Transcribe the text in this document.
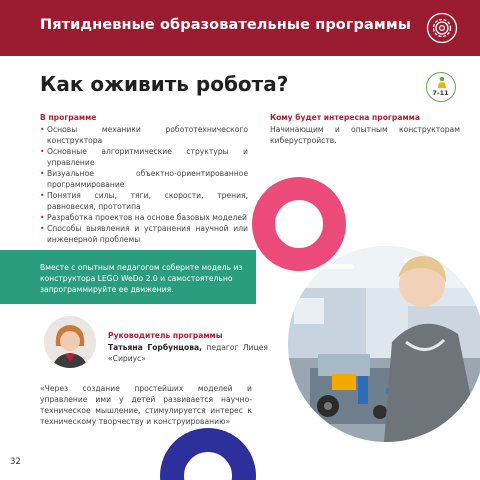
Пятидневные образовательные программы
Как оживить робота?	7-11
В программе
• Основы механики робототехнического конструктора
• Основные алгоритмические структуры и управление
• Визуальное объектно-ориентированное программирование
• Понятия силы, тяги, скорости, трения, равновесия, прототипа
• Разработка проектов на основе базовых моделей
• Способы выявления и устранения научной или инженерной проблемы
Кому будет интересна программа
Начинающим и опытным конструкторам киберустройств.
Вместе с опытным педагогом соберите модель из конструктора LEGO WeDo 2.0 и самостоятельно запрограммируйте ее движения.
Руководитель программы
Татьяна Горбунцова, педагог Лицея «Сириус»
«Через создание простейших моделей и управление ими у детей развивается научно-техническое мышление, стимулируется интерес к техническому творчеству и конструированию»
32
